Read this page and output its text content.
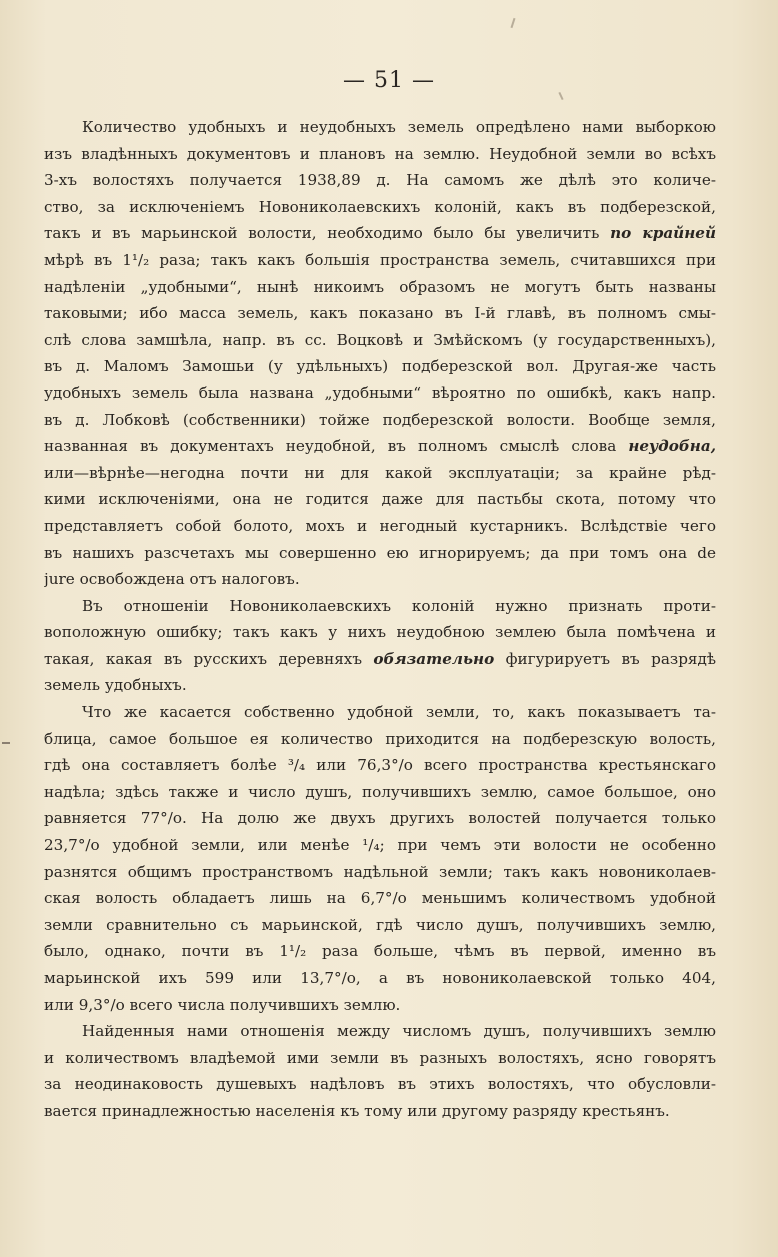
— 51 —
Количество удобныхъ и неудобныхъ земель опредѣлено нами выборкою
изъ владѣнныхъ документовъ и плановъ на землю. Неудобной земли во всѣхъ
3-хъ волостяхъ получается 1938,89 д. На самомъ же дѣлѣ это количе-
ство, за исключеніемъ Новониколаевскихъ колоній, какъ въ подберезской,
такъ и въ марьинской волости, необходимо было бы увеличить по крайней
мѣрѣ въ 1¹/₂ раза; такъ какъ большія пространства земель, считавшихся при
надѣленіи „удобными“, нынѣ никоимъ образомъ не могутъ быть названы
таковыми; ибо масса земель, какъ показано въ I-й главѣ, въ полномъ смы-
слѣ слова замшѣла, напр. въ сс. Воцковѣ и Змѣйскомъ (у государственныхъ),
въ д. Маломъ Замошьи (у удѣльныхъ) подберезской вол. Другая-же часть
удобныхъ земель была названа „удобными“ вѣроятно по ошибкѣ, какъ напр.
въ д. Лобковѣ (собственники) тойже подберезской волости. Вообще земля,
названная въ документахъ неудобной, въ полномъ смыслѣ слова неудобна,
или—вѣрнѣе—негодна почти ни для какой эксплуатаціи; за крайне рѣд-
кими исключеніями, она не годится даже для пастьбы скота, потому что
представляетъ собой болото, мохъ и негодный кустарникъ. Вслѣдствіе чего
въ нашихъ разсчетахъ мы совершенно ею игнорируемъ; да при томъ она de
jure освобождена отъ налоговъ.
Въ отношеніи Новониколаевскихъ колоній нужно признать проти-
воположную ошибку; такъ какъ у нихъ неудобною землею была помѣчена и
такая, какая въ русскихъ деревняхъ обязательно фигурируетъ въ разрядѣ
земель удобныхъ.
Что же касается собственно удобной земли, то, какъ показываетъ та-
блица, самое большое ея количество приходится на подберезскую волость,
гдѣ она составляетъ болѣе ³/₄ или 76,3°/о всего пространства крестьянскаго
надѣла; здѣсь также и число душъ, получившихъ землю, самое большое, оно
равняется 77°/о. На долю же двухъ другихъ волостей получается только
23,7°/о удобной земли, или менѣе ¹/₄; при чемъ эти волости не особенно
разнятся общимъ пространствомъ надѣльной земли; такъ какъ новониколаев-
ская волость обладаетъ лишь на 6,7°/о меньшимъ количествомъ удобной
земли сравнительно съ марьинской, гдѣ число душъ, получившихъ землю,
было, однако, почти въ 1¹/₂ раза больше, чѣмъ въ первой, именно въ
марьинской ихъ 599 или 13,7°/о, а въ новониколаевской только 404,
или 9,3°/о всего числа получившихъ землю.
Найденныя нами отношенія между числомъ душъ, получившихъ землю
и количествомъ владѣемой ими земли въ разныхъ волостяхъ, ясно говорятъ
за неодинаковость душевыхъ надѣловъ въ этихъ волостяхъ, что обусловли-
вается принадлежностью населенія къ тому или другому разряду крестьянъ.
